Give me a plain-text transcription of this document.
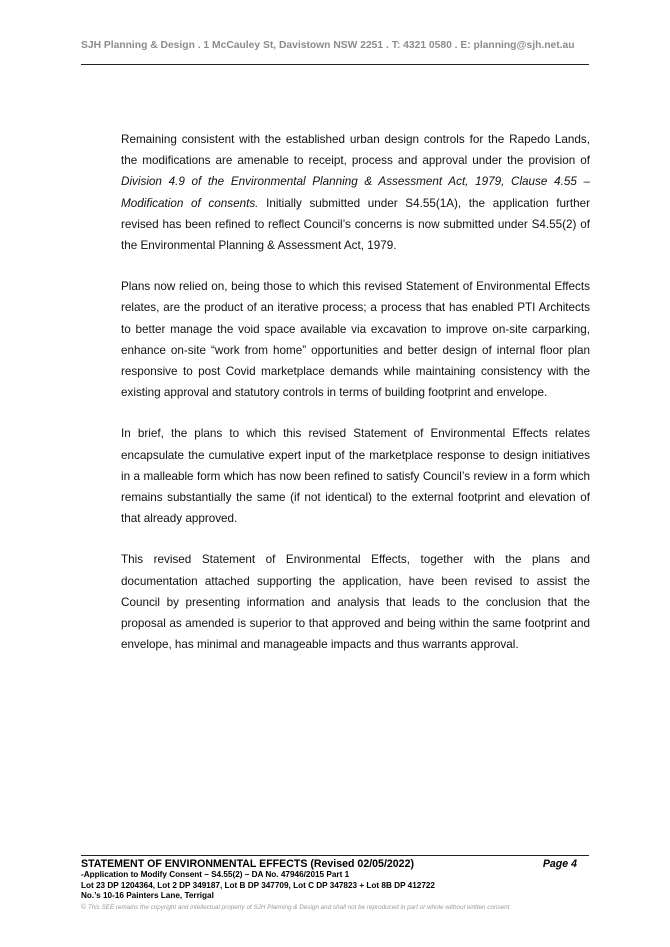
SJH Planning & Design . 1 McCauley St, Davistown NSW 2251 . T: 4321 0580 . E: planning@sjh.net.au

Remaining consistent with the established urban design controls for the Rapedo Lands, the modifications are amenable to receipt, process and approval under the provision of Division 4.9 of the Environmental Planning & Assessment Act, 1979, Clause 4.55 – Modification of consents. Initially submitted under S4.55(1A), the application further revised has been refined to reflect Council’s concerns is now submitted under S4.55(2) of the Environmental Planning & Assessment Act, 1979.

Plans now relied on, being those to which this revised Statement of Environmental Effects relates, are the product of an iterative process; a process that has enabled PTI Architects to better manage the void space available via excavation to improve on-site carparking, enhance on-site “work from home” opportunities and better design of internal floor plan responsive to post Covid marketplace demands while maintaining consistency with the existing approval and statutory controls in terms of building footprint and envelope.

In brief, the plans to which this revised Statement of Environmental Effects relates encapsulate the cumulative expert input of the marketplace response to design initiatives in a malleable form which has now been refined to satisfy Council’s review in a form which remains substantially the same (if not identical) to the external footprint and elevation of that already approved.

This revised Statement of Environmental Effects, together with the plans and documentation attached supporting the application, have been revised to assist the Council by presenting information and analysis that leads to the conclusion that the proposal as amended is superior to that approved and being within the same footprint and envelope, has minimal and manageable impacts and thus warrants approval.

STATEMENT OF ENVIRONMENTAL EFFECTS (Revised 02/05/2022)	Page 4
-Application to Modify Consent – S4.55(2) – DA No. 47946/2015 Part 1
Lot 23 DP 1204364, Lot 2 DP 349187, Lot B DP 347709, Lot C DP 347823 + Lot 8B DP 412722
No.’s 10-16 Painters Lane, Terrigal
© This SEE remains the copyright and intellectual property of SJH Planning & Design and shall not be reproduced in part or whole without written consent.
